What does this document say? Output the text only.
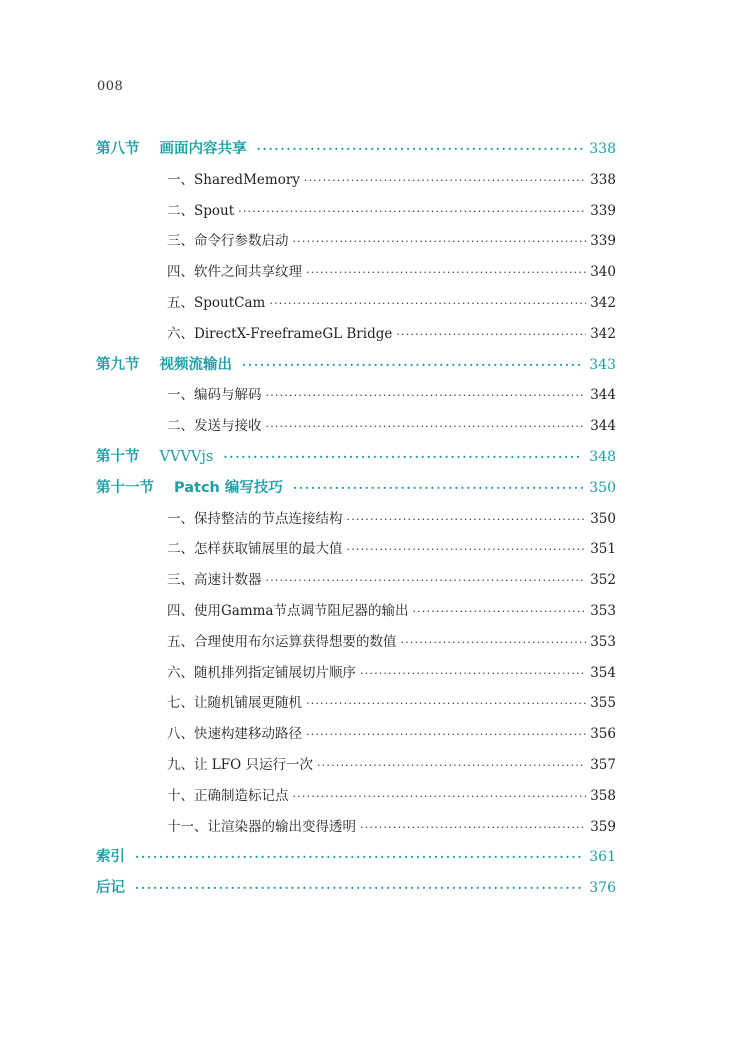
008
第八节 画面内容共享 ·····	338
一、SharedMemory ·····	338
二、Spout ·····	339
三、命令行参数启动 ·····	339
四、软件之间共享纹理 ·····	340
五、SpoutCam ·····	342
六、DirectX-FreeframeGL Bridge ·····	342
第九节 视频流输出 ·····	343
一、编码与解码 ·····	344
二、发送与接收 ·····	344
第十节 VVVVjs ·····	348
第十一节 Patch 编写技巧 ·····	350
一、保持整洁的节点连接结构 ·····	350
二、怎样获取铺展里的最大值 ·····	351
三、高速计数器 ·····	352
四、使用Gamma节点调节阻尼器的输出 ·····	353
五、合理使用布尔运算获得想要的数值 ·····	353
六、随机排列指定铺展切片顺序 ·····	354
七、让随机铺展更随机 ·····	355
八、快速构建移动路径 ·····	356
九、让 LFO 只运行一次 ·····	357
十、正确制造标记点 ·····	358
十一、让渲染器的输出变得透明 ·····	359
索引 ·····	361
后记 ·····	376
